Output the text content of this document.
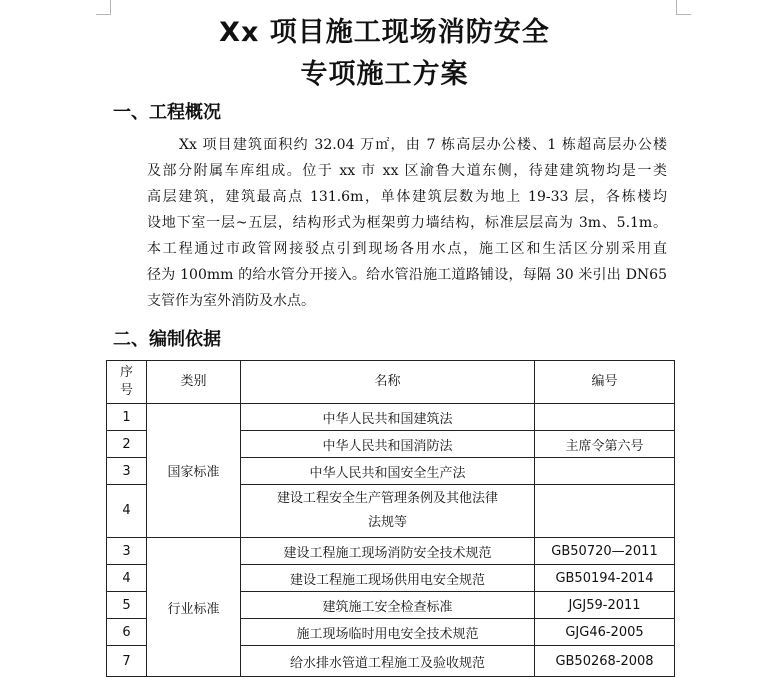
Xx 项目施工现场消防安全
专项施工方案
一、工程概况
Xx 项目建筑面积约 32.04 万㎡，由 7 栋高层办公楼、1 栋超高层办公楼
及部分附属车库组成。位于 xx 市 xx 区渝鲁大道东侧，待建建筑物均是一类
高层建筑，建筑最高点 131.6m，单体建筑层数为地上 19-33 层，各栋楼均
设地下室一层~五层，结构形式为框架剪力墙结构，标准层层高为 3m、5.1m。
本工程通过市政管网接驳点引到现场各用水点，施工区和生活区分别采用直
径为 100mm 的给水管分开接入。给水管沿施工道路铺设，每隔 30 米引出 DN65
支管作为室外消防及水点。
二、编制依据
序
号	类别	名称	编号
1	国家标准	中华人民共和国建筑法	
2		中华人民共和国消防法	主席令第六号
3		中华人民共和国安全生产法	
4		建设工程安全生产管理条例及其他法律
法规等	

3	行业标准	建设工程施工现场消防安全技术规范	GB50720—2011
4		建设工程施工现场供用电安全规范	GB50194-2014
5		建筑施工安全检查标准	JGJ59-2011
6		施工现场临时用电安全技术规范	GJG46-2005
7		给水排水管道工程施工及验收规范	GB50268-2008
